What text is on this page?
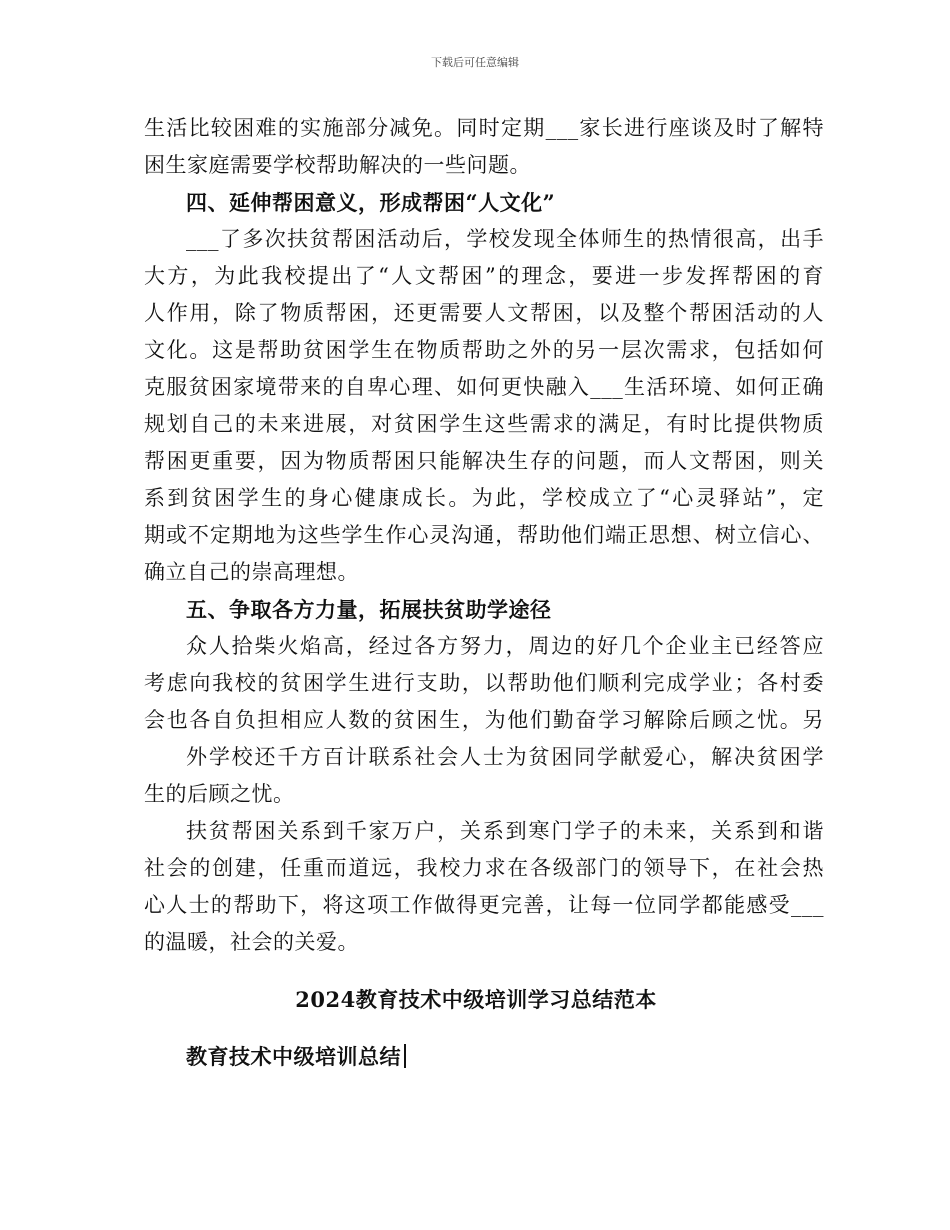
下载后可任意编辑
生活比较困难的实施部分减免。同时定期___家长进行座谈及时了解特
困生家庭需要学校帮助解决的一些问题。
四、延伸帮困意义，形成帮困“人文化”
___了多次扶贫帮困活动后，学校发现全体师生的热情很高，出手
大方，为此我校提出了“人文帮困”的理念，要进一步发挥帮困的育
人作用，除了物质帮困，还更需要人文帮困，以及整个帮困活动的人
文化。这是帮助贫困学生在物质帮助之外的另一层次需求，包括如何
克服贫困家境带来的自卑心理、如何更快融入___生活环境、如何正确
规划自己的未来进展，对贫困学生这些需求的满足，有时比提供物质
帮困更重要，因为物质帮困只能解决生存的问题，而人文帮困，则关
系到贫困学生的身心健康成长。为此，学校成立了“心灵驿站”，定
期或不定期地为这些学生作心灵沟通，帮助他们端正思想、树立信心、
确立自己的崇高理想。
五、争取各方力量，拓展扶贫助学途径
众人拾柴火焰高，经过各方努力，周边的好几个企业主已经答应
考虑向我校的贫困学生进行支助，以帮助他们顺利完成学业；各村委
会也各自负担相应人数的贫困生，为他们勤奋学习解除后顾之忧。另
外学校还千方百计联系社会人士为贫困同学献爱心，解决贫困学
生的后顾之忧。
扶贫帮困关系到千家万户，关系到寒门学子的未来，关系到和谐
社会的创建，任重而道远，我校力求在各级部门的领导下，在社会热
心人士的帮助下，将这项工作做得更完善，让每一位同学都能感受___
的温暖，社会的关爱。
2024教育技术中级培训学习总结范本
教育技术中级培训总结
